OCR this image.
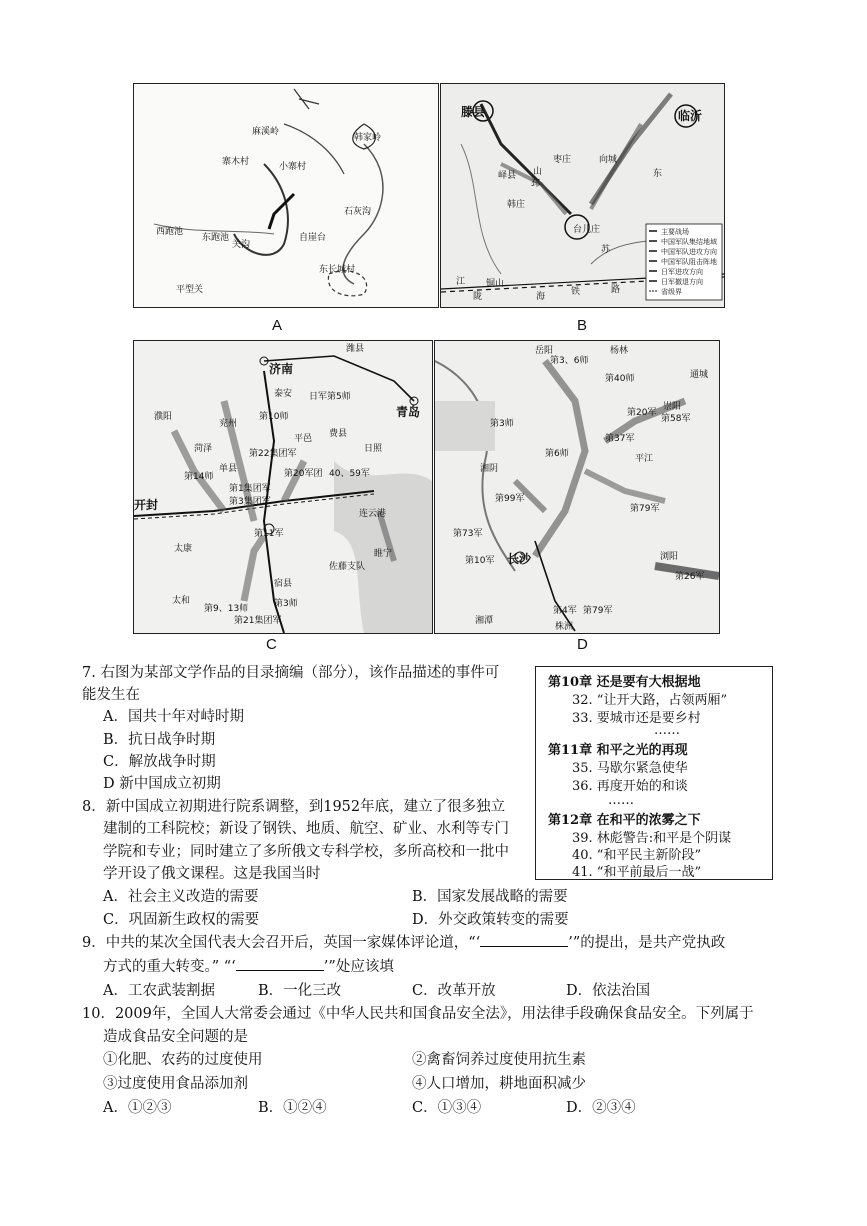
麻溪岭
韩家岭
寨木村	小寨村
石灰沟
西跑池
东跑池
关沟
自崖台
东长城村
平型关
A
滕县	临沂
枣庄
峄县
向城
邳
韩庄
台儿庄
铜山
江
陇	海	铁	路
山	东
苏
主要战场
中国军队集结地域
中国军队进攻方向
中国军队阻击阵地
日军进攻方向
日军撤退方向
省级界
B
济南
潍县
青岛
泰安 日军第5师
第10师
平邑
第22集团军
费县
第14师
第1集团军
第3集团军
第20军团 40、59军
日照
兖州
濮阳
菏泽
单县
开封
太康
连云港
佐藤支队
睢宁
第11军
宿县
太和
第9、13师	第3师
第21集团军
C
岳阳
第3、6师
杨林
通城
第40师
崇阳
第20军
第58军
第37军
平江
第3师
第6师
湘阴
第99军
第79军
第73军
第10军 长沙	浏阳
第26军
第4军 第79军
湘潭
株洲
D
7. 右图为某部文学作品的目录摘编（部分），该作品描述的事件可
能发生在
A．国共十年对峙时期
B．抗日战争时期
C．解放战争时期
D 新中国成立初期
第10章 还是要有大根据地
32. “让开大路，占领两厢”
33. 要城市还是要乡村
……
第11章 和平之光的再现
35. 马歇尔紧急使华
36. 再度开始的和谈
……
第12章 在和平的浓雾之下
39. 林彪警告:和平是个阴谋
40. “和平民主新阶段”
41. “和平前最后一战”
8．新中国成立初期进行院系调整，到1952年底，建立了很多独立
建制的工科院校；新设了钢铁、地质、航空、矿业、水利等专门
学院和专业；同时建立了多所俄文专科学校，多所高校和一批中
学开设了俄文课程。这是我国当时
A．社会主义改造的需要	B．国家发展战略的需要
C．巩固新生政权的需要	D．外交政策转变的需要
9．中共的某次全国代表大会召开后，英国一家媒体评论道，“‘	’”的提出，是共产党执政
方式的重大转变。” “‘	’”处应该填
A．工农武装割据	B．一化三改	C．改革开放	D．依法治国
10．2009年，全国人大常委会通过《中华人民共和国食品安全法》，用法律手段确保食品安全。下列属于
造成食品安全问题的是
①化肥、农药的过度使用	②禽畜饲养过度使用抗生素
③过度使用食品添加剂	④人口增加，耕地面积减少
A．①②③	B．①②④	C．①③④	D．②③④
